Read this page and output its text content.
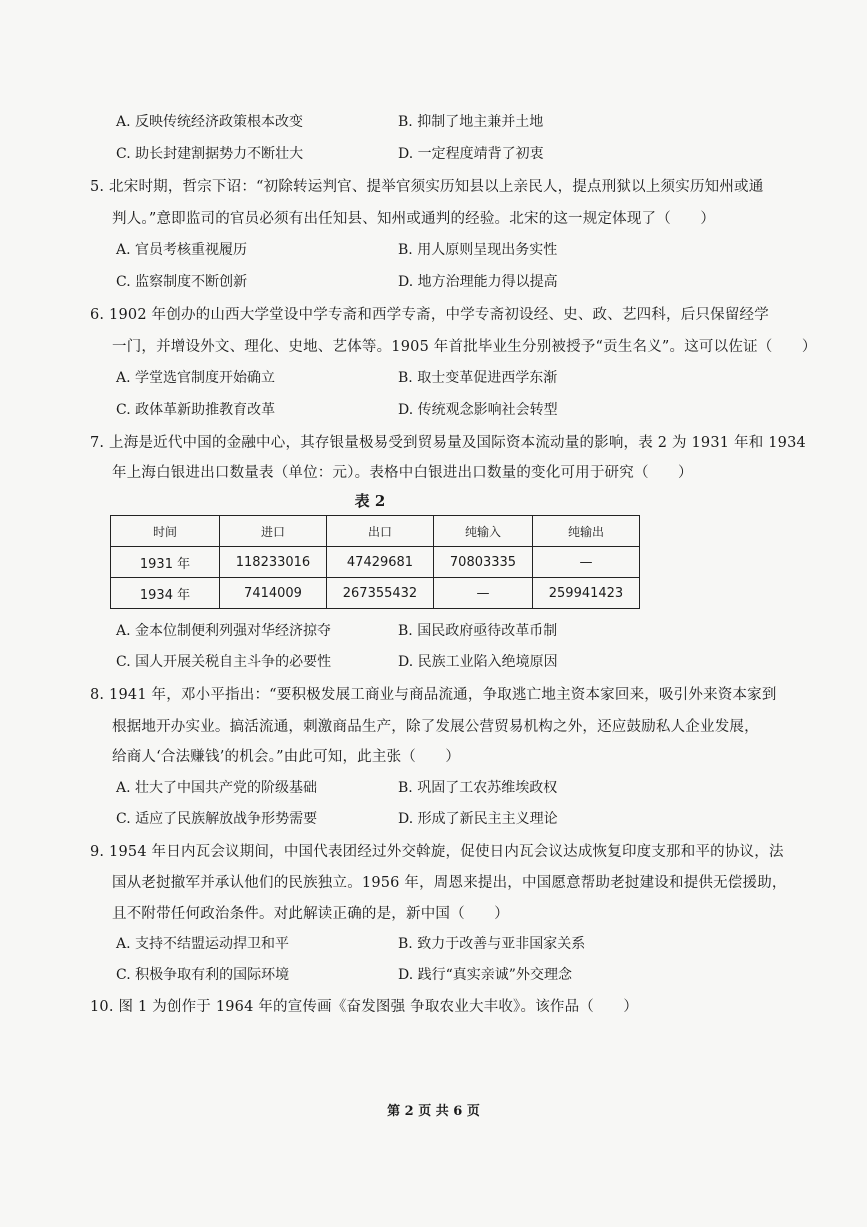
A. 反映传统经济政策根本改变	B. 抑制了地主兼并土地
C. 助长封建割据势力不断壮大	D. 一定程度靖背了初衷
5. 北宋时期，哲宗下诏：“初除转运判官、提举官须实历知县以上亲民人，提点刑狱以上须实历知州或通
判人。”意即监司的官员必须有出任知县、知州或通判的经验。北宋的这一规定体现了（　　）
A. 官员考核重视履历	B. 用人原则呈现出务实性
C. 监察制度不断创新	D. 地方治理能力得以提高
6. 1902 年创办的山西大学堂设中学专斋和西学专斋，中学专斋初设经、史、政、艺四科，后只保留经学
一门，并增设外文、理化、史地、艺体等。1905 年首批毕业生分别被授予“贡生名义”。这可以佐证（　　）
A. 学堂选官制度开始确立	B. 取士变革促进西学东渐
C. 政体革新助推教育改革	D. 传统观念影响社会转型
7. 上海是近代中国的金融中心，其存银量极易受到贸易量及国际资本流动量的影响，表 2 为 1931 年和 1934
年上海白银进出口数量表（单位：元）。表格中白银进出口数量的变化可用于研究（　　）
表 2
时间	进口	出口	纯输入	纯输出
1931 年	118233016	47429681	70803335	—
1934 年	7414009	267355432	—	259941423
A. 金本位制便利列强对华经济掠夺	B. 国民政府亟待改革币制
C. 国人开展关税自主斗争的必要性	D. 民族工业陷入绝境原因
8. 1941 年，邓小平指出：“要积极发展工商业与商品流通，争取逃亡地主资本家回来，吸引外来资本家到
根据地开办实业。搞活流通，刺激商品生产，除了发展公营贸易机构之外，还应鼓励私人企业发展，
给商人‘合法赚钱’的机会。”由此可知，此主张（　　）
A. 壮大了中国共产党的阶级基础	B. 巩固了工农苏维埃政权
C. 适应了民族解放战争形势需要	D. 形成了新民主主义理论
9. 1954 年日内瓦会议期间，中国代表团经过外交斡旋，促使日内瓦会议达成恢复印度支那和平的协议，法
国从老挝撤军并承认他们的民族独立。1956 年，周恩来提出，中国愿意帮助老挝建设和提供无偿援助，
且不附带任何政治条件。对此解读正确的是，新中国（　　）
A. 支持不结盟运动捍卫和平	B. 致力于改善与亚非国家关系
C. 积极争取有利的国际环境	D. 践行“真实亲诚”外交理念
10. 图 1 为创作于 1964 年的宣传画《奋发图强 争取农业大丰收》。该作品（　　）
第 2 页 共 6 页
